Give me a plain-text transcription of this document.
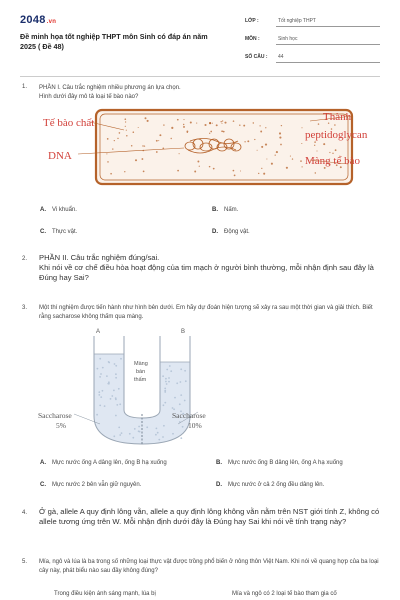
2048.vn
Đề minh họa tốt nghiệp THPT môn Sinh có đáp án năm 2025 ( Đề 48)
LỚP :	Tốt nghiệp THPT
MÔN :	Sinh học
SỐ CÂU : 44
1. PHẦN I. Câu trắc nghiệm nhiều phương án lựa chọn.
Hình dưới đây mô tả loại tế bào nào?
Tế bào chất
DNA
Thành
peptidoglycan
Màng tế bào
A. Vi khuẩn.	B. Nấm.
C. Thực vật.	D. Động vật.
2. PHẦN II. Câu trắc nghiệm đúng/sai.
Khi nói về cơ chế điều hòa hoạt động của tim mạch ở người bình thường, mỗi nhận định sau đây là Đúng hay Sai?
3. Một thí nghiệm được tiến hành như hình bên dưới. Em hãy dự đoán hiện tượng sẽ xảy ra sau một thời gian và giải thích. Biết rằng sacharose không thấm qua màng.
A	B
Màng
bán
thấm
Saccharose
5%
Saccharose
10%
A. Mực nước ống A dâng lên, ống B hạ xuống	B. Mực nước ống B dâng lên, ống A hạ xuống
C. Mực nước 2 bên vẫn giữ nguyên.	D. Mực nước ở cả 2 ống đều dâng lên.
4. Ở gà, allele A quy định lông vằn, allele a quy định lông không vằn nằm trên NST giới tính Z, không có allele tương ứng trên W. Mỗi nhận định dưới đây là Đúng hay Sai khi nói về tính trạng này?
5. Mía, ngô và lúa là ba trong số những loại thực vật được trồng phổ biến ở nông thôn Việt Nam. Khi nói về quang hợp của ba loại cây này, phát biểu nào sau đây không đúng?
Trong điều kiện ánh sáng mạnh, lúa bị	Mía và ngô có 2 loại tế bào tham gia cố
